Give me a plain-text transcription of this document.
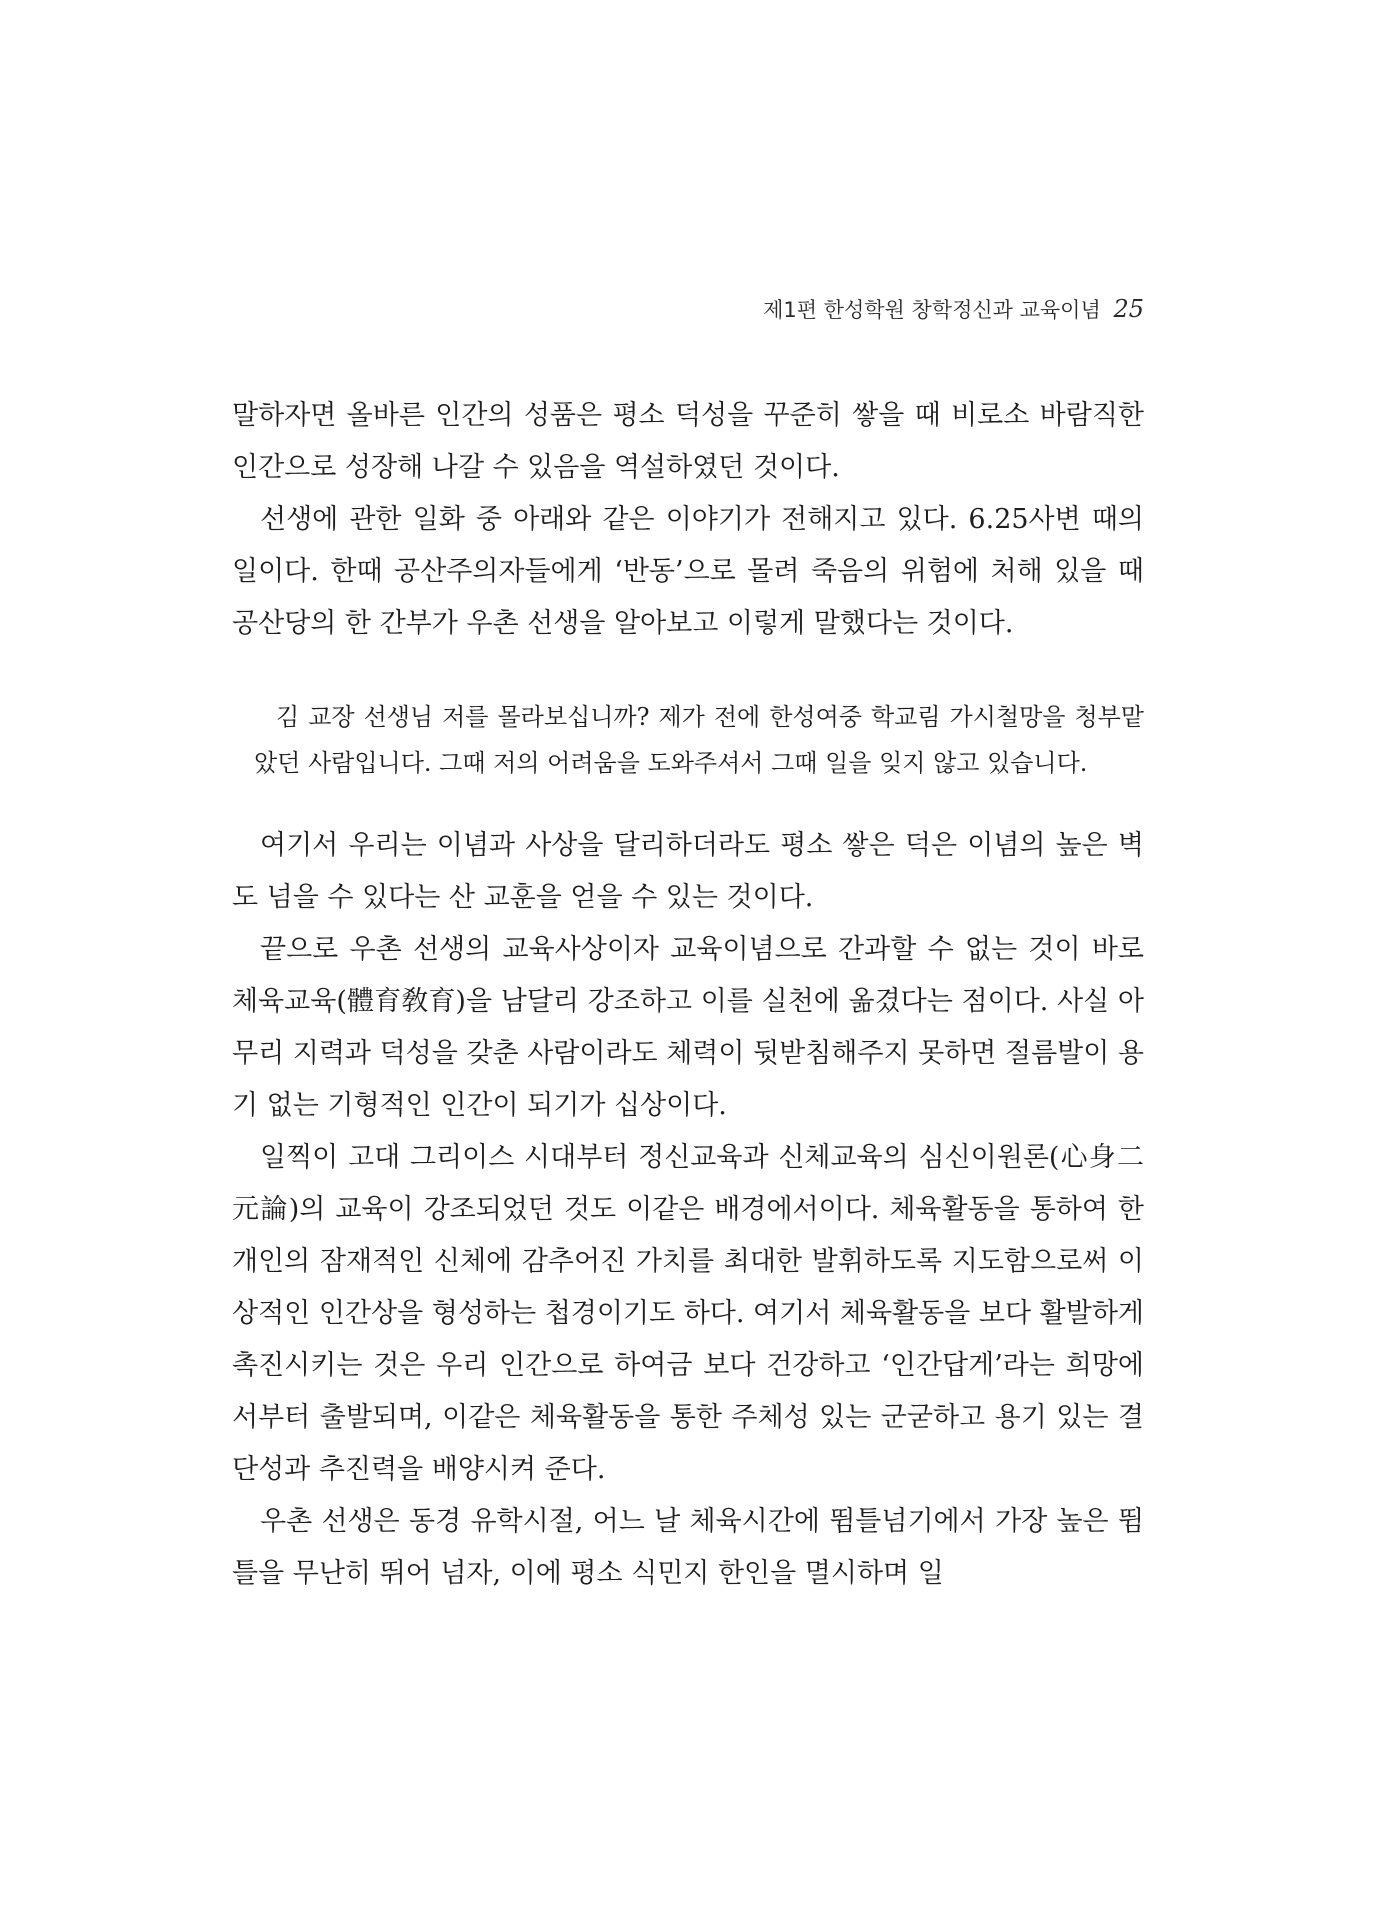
제1편 한성학원 창학정신과 교육이념 25

말하자면 올바른 인간의 성품은 평소 덕성을 꾸준히 쌓을 때 비로소 바람직한 인간으로 성장해 나갈 수 있음을 역설하였던 것이다.

선생에 관한 일화 중 아래와 같은 이야기가 전해지고 있다. 6.25사변 때의 일이다. 한때 공산주의자들에게 ‘반동’으로 몰려 죽음의 위험에 처해 있을 때 공산당의 한 간부가 우촌 선생을 알아보고 이렇게 말했다는 것이다.

김 교장 선생님 저를 몰라보십니까? 제가 전에 한성여중 학교림 가시철망을 청부맡았던 사람입니다. 그때 저의 어려움을 도와주셔서 그때 일을 잊지 않고 있습니다.

여기서 우리는 이념과 사상을 달리하더라도 평소 쌓은 덕은 이념의 높은 벽도 넘을 수 있다는 산 교훈을 얻을 수 있는 것이다.

끝으로 우촌 선생의 교육사상이자 교육이념으로 간과할 수 없는 것이 바로 체육교육(體育敎育)을 남달리 강조하고 이를 실천에 옮겼다는 점이다. 사실 아무리 지력과 덕성을 갖춘 사람이라도 체력이 뒷받침해주지 못하면 절름발이 용기 없는 기형적인 인간이 되기가 십상이다.

일찍이 고대 그리이스 시대부터 정신교육과 신체교육의 심신이원론(心身二元論)의 교육이 강조되었던 것도 이같은 배경에서이다. 체육활동을 통하여 한 개인의 잠재적인 신체에 감추어진 가치를 최대한 발휘하도록 지도함으로써 이상적인 인간상을 형성하는 첩경이기도 하다. 여기서 체육활동을 보다 활발하게 촉진시키는 것은 우리 인간으로 하여금 보다 건강하고 ‘인간답게’라는 희망에서부터 출발되며, 이같은 체육활동을 통한 주체성 있는 군굳하고 용기 있는 결단성과 추진력을 배양시켜 준다.

우촌 선생은 동경 유학시절, 어느 날 체육시간에 뜀틀넘기에서 가장 높은 뜀틀을 무난히 뛰어 넘자, 이에 평소 식민지 한인을 멸시하며 일
